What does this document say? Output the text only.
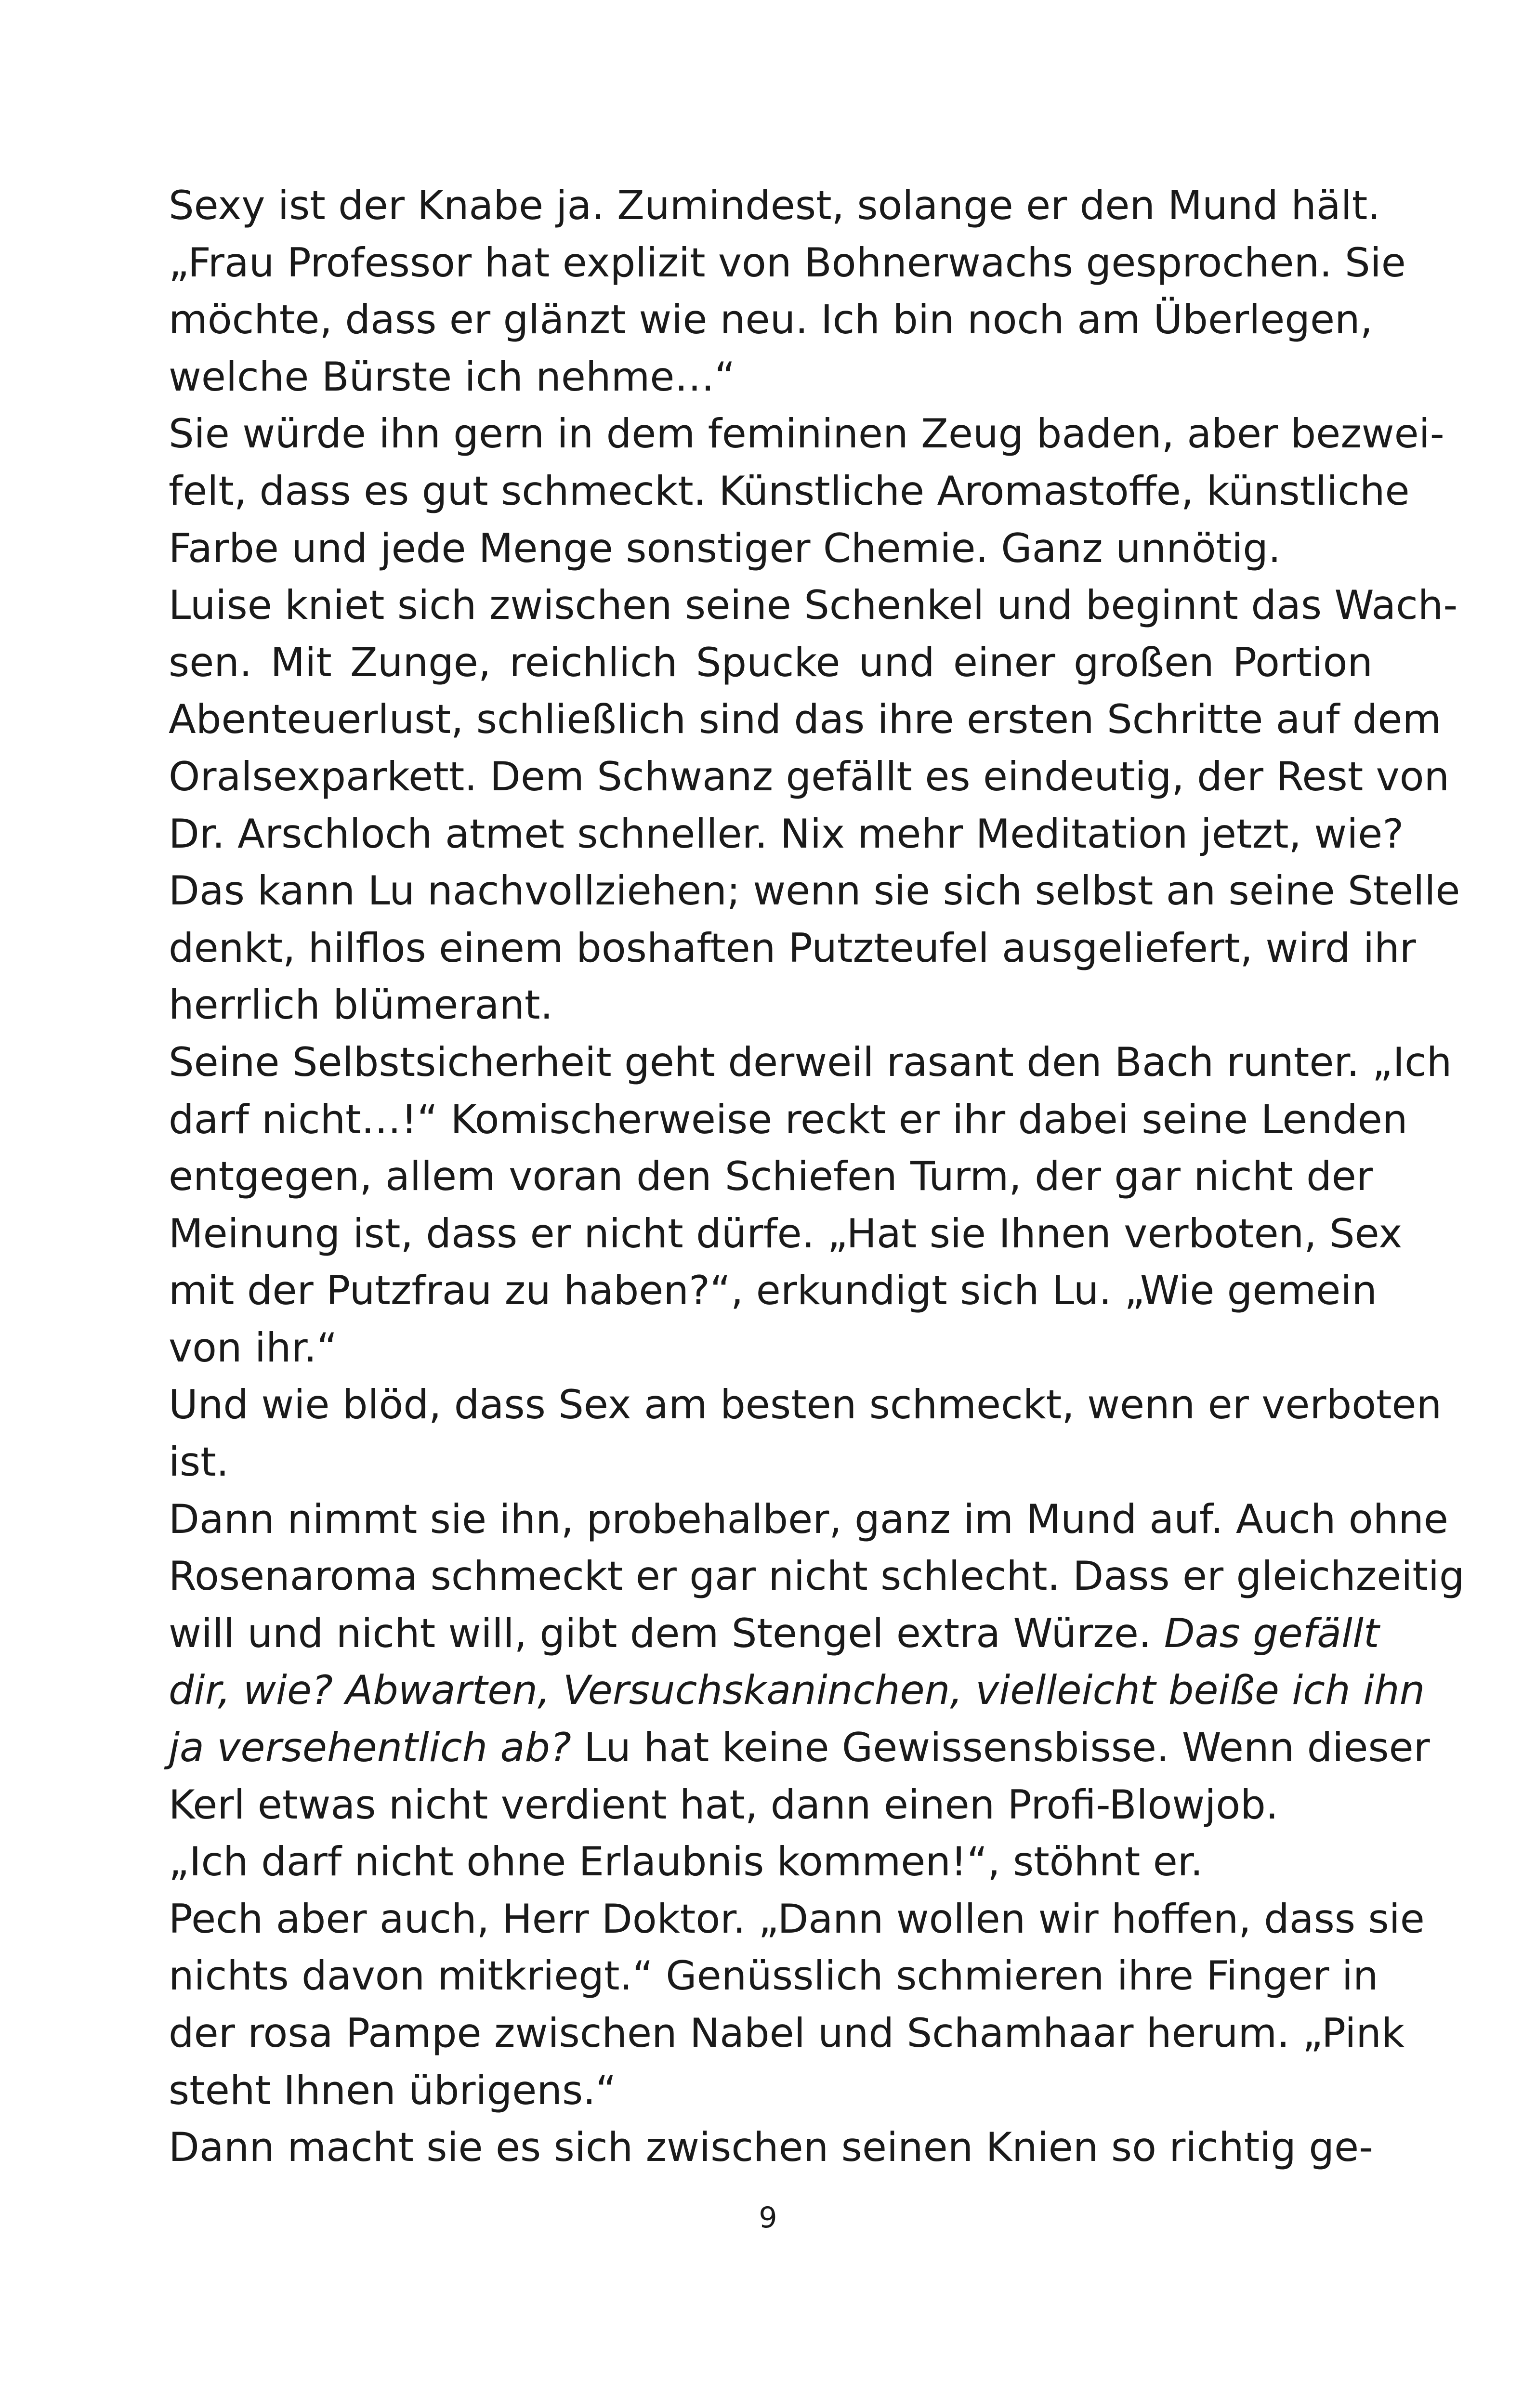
Sexy ist der Knabe ja. Zumindest, solange er den Mund hält.
„Frau Professor hat explizit von Bohnerwachs gesprochen. Sie
möchte, dass er glänzt wie neu. Ich bin noch am Überlegen,
welche Bürste ich nehme…“
Sie würde ihn gern in dem femininen Zeug baden, aber bezwei-
felt, dass es gut schmeckt. Künstliche Aromastoffe, künstliche
Farbe und jede Menge sonstiger Chemie. Ganz unnötig.
Luise kniet sich zwischen seine Schenkel und beginnt das Wach-
sen. Mit Zunge, reichlich Spucke und einer großen Portion
Abenteuerlust, schließlich sind das ihre ersten Schritte auf dem
Oralsexparkett. Dem Schwanz gefällt es eindeutig, der Rest von
Dr. Arschloch atmet schneller. Nix mehr Meditation jetzt, wie?
Das kann Lu nachvollziehen; wenn sie sich selbst an seine Stelle
denkt, hilflos einem boshaften Putzteufel ausgeliefert, wird ihr
herrlich blümerant.
Seine Selbstsicherheit geht derweil rasant den Bach runter. „Ich
darf nicht…!“ Komischerweise reckt er ihr dabei seine Lenden
entgegen, allem voran den Schiefen Turm, der gar nicht der
Meinung ist, dass er nicht dürfe. „Hat sie Ihnen verboten, Sex
mit der Putzfrau zu haben?“, erkundigt sich Lu. „Wie gemein
von ihr.“
Und wie blöd, dass Sex am besten schmeckt, wenn er verboten
ist.
Dann nimmt sie ihn, probehalber, ganz im Mund auf. Auch ohne
Rosenaroma schmeckt er gar nicht schlecht. Dass er gleichzeitig
will und nicht will, gibt dem Stengel extra Würze. Das gefällt
dir, wie? Abwarten, Versuchskaninchen, vielleicht beiße ich ihn
ja versehentlich ab? Lu hat keine Gewissensbisse. Wenn dieser
Kerl etwas nicht verdient hat, dann einen Profi-Blowjob.
„Ich darf nicht ohne Erlaubnis kommen!“, stöhnt er.
Pech aber auch, Herr Doktor. „Dann wollen wir hoffen, dass sie
nichts davon mitkriegt.“ Genüsslich schmieren ihre Finger in
der rosa Pampe zwischen Nabel und Schamhaar herum. „Pink
steht Ihnen übrigens.“
Dann macht sie es sich zwischen seinen Knien so richtig ge-
9
